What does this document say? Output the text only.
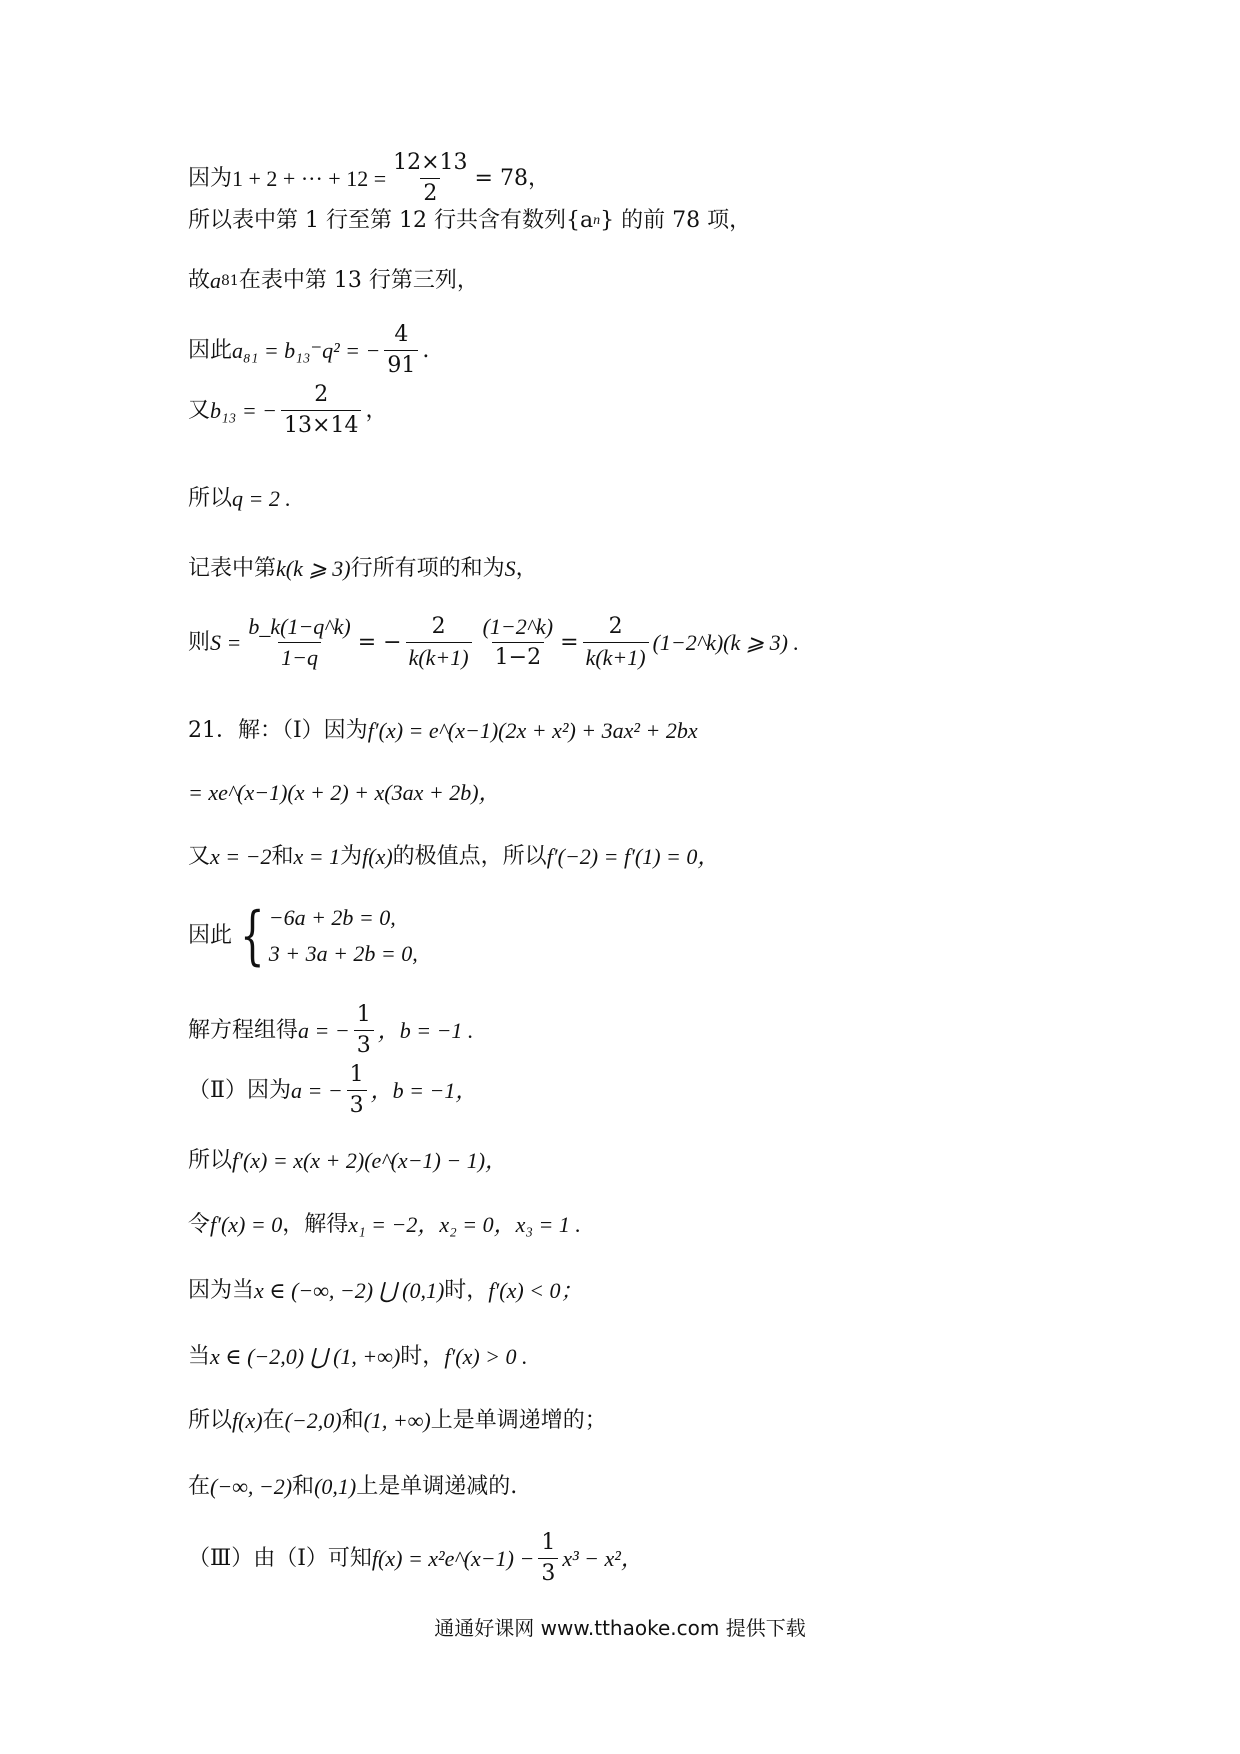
因为 1 + 2 + ··· + $12 = \frac{12\times 13}{2} = 78$，
所以表中第 1 行至第 12 行共含有数列{a n } 的前 78 项，
故 a 81 在表中第 13 行第三列，
因此 a₈₁ = b₁₃⁻q² = − $\frac{4}{91}$ .
又 b₁₃ = − $\frac{2}{13\times 14}$ ，
所以 q = 2 .
记表中第 k(k ⩾ 3) 行所有项的和为 S ，
则 $S = \frac{b\_k(1-q\^{}k)}{1-q}$ = − $\frac{2}{k(k+1)} \frac{(1-2\^{}k)}{1-2} = \frac{2}{k(k+1)}$ (1−2^k)(k ⩾ 3) .
21．解：（Ⅰ）因为 f′(x) = e^(x−1)(2x + x²) + 3ax² + 2bx
= xe^(x−1)(x + 2) + x(3ax + 2b)，
又 x = −2 和 x = 1 为 f(x) 的极值点，所以 f′(−2) = f′(1) = 0，
因此 { −6a + 2b = 0,
3 + 3a + 2b = 0,
解方程组得 a = − $\frac{1}{3}$ ，b = −1 .
（Ⅱ）因为 a = − $\frac{1}{3}$ ，b = −1，
所以 f′(x) = x(x + 2)(e^(x−1) − 1)，
令 f′(x) = 0 ，解得 x₁ = −2，x₂ = 0，x₃ = 1 .
因为当 x ∈ (−∞, −2) ⋃ (0,1) 时， f′(x) < 0；
当 x ∈ (−2,0) ⋃ (1, +∞) 时， f′(x) > 0 .
所以 f(x) 在 (−2,0) 和 (1, +∞) 上是单调递增的；
在 (−∞, −2) 和 (0,1) 上是单调递减的.
（Ⅲ）由（Ⅰ）可知 f(x) = x²e^(x−1) − $\frac{1}{3} x^3 - x^2$，
通通好课网 www.tthaoke.com 提供下载
